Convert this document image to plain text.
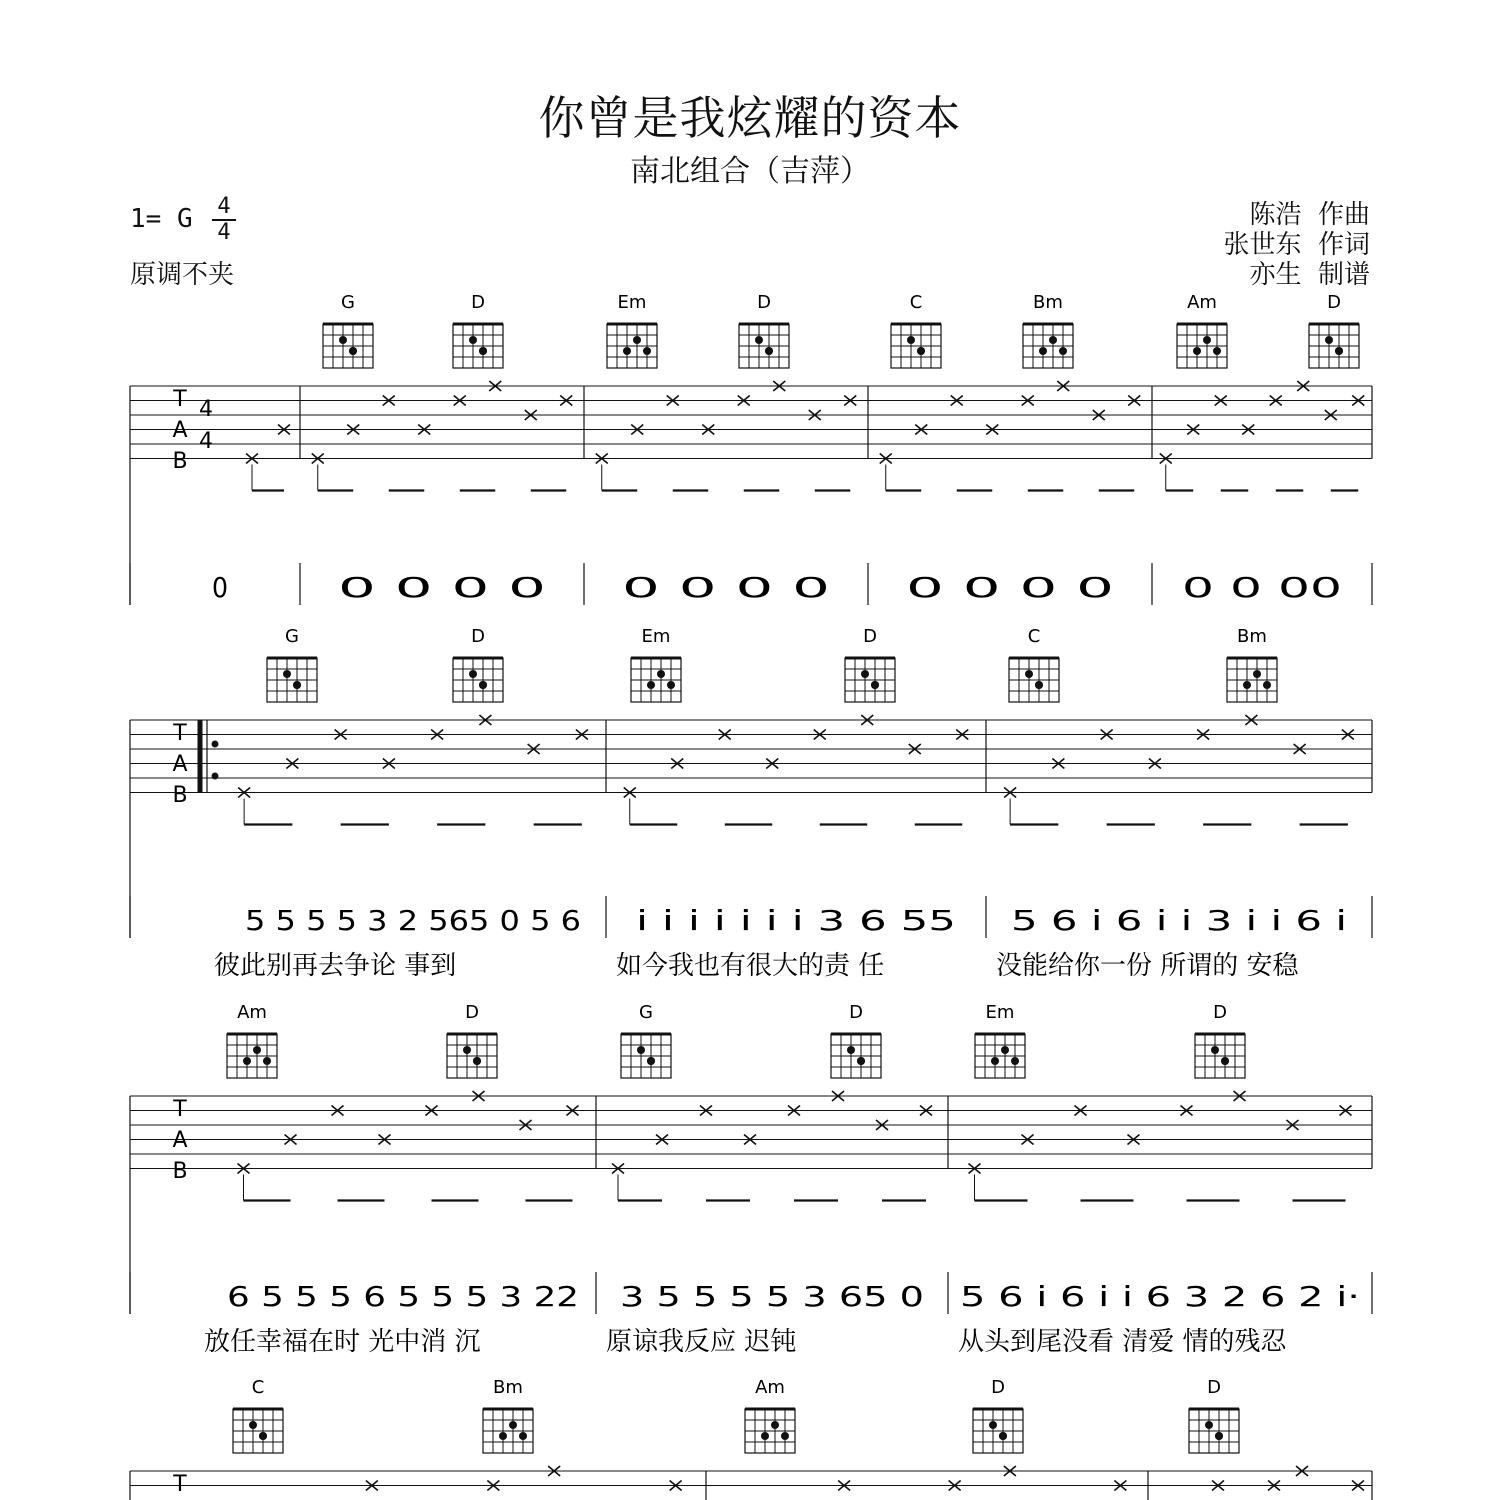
你曾是我炫耀的资本
南北组合（吉萍）
1= G 4
4
原调不夹
陈浩  作曲
张世东  作词
亦生  制谱
T
A
B
4
4
G	D	Em	D	C	Bm	Am	D
0	0 0 0 0	0 0 0 0	0 0 0 0 0 0 00
T
A
B
G	D	Em	D	C	Bm
5 5 5 5 3 2 565 0 5 6 i i i i i i i 3 6 55 5 6 i 6 i i 3 i i 6 i
彼此别再去争论 事到	如今我也有很大的责 任	没能给你一份 所谓的 安稳
T
A
B
Am	D	G	D	Em	D
6 5 5 5 6 5 5 5 3 22 3 5 5 5 5 3 65 0 5 6 i 6 i i 6 3 2 6 2 i·
放任幸福在时 光中消 沉	原谅我反应 迟钝	从头到尾没看 清爱 情的残忍
T
C	Bm	Am	D	D
